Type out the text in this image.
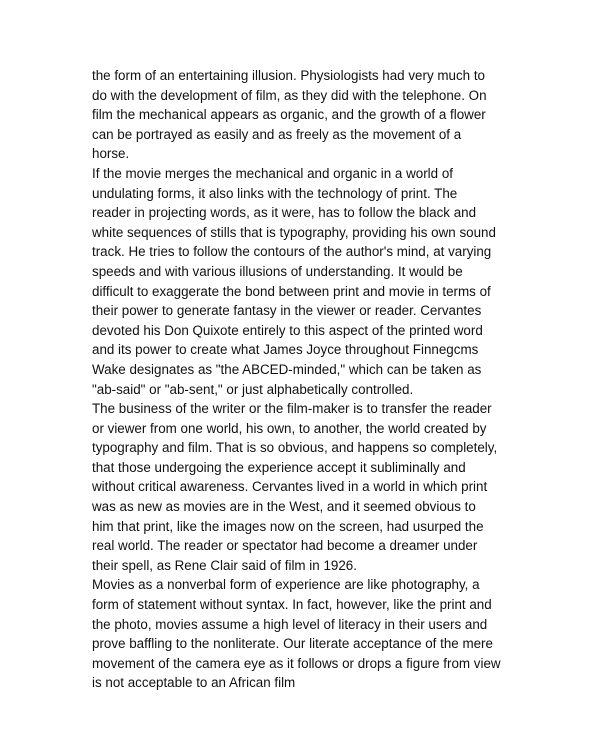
the form of an entertaining illusion. Physiologists had very much to
do with the development of film, as they did with the telephone. On
film the mechanical appears as organic, and the growth of a flower
can be portrayed as easily and as freely as the movement of a
horse.

If the movie merges the mechanical and organic in a world of
undulating forms, it also links with the technology of print. The
reader in projecting words, as it were, has to follow the black and
white sequences of stills that is typography, providing his own sound
track. He tries to follow the contours of the author's mind, at varying
speeds and with various illusions of understanding. It would be
difficult to exaggerate the bond between print and movie in terms of
their power to generate fantasy in the viewer or reader. Cervantes
devoted his Don Quixote entirely to this aspect of the printed word
and its power to create what James Joyce throughout Finnegcms
Wake designates as "the ABCED-minded," which can be taken as
"ab-said" or "ab-sent," or just alphabetically controlled.

The business of the writer or the film-maker is to transfer the reader
or viewer from one world, his own, to another, the world created by
typography and film. That is so obvious, and happens so completely,
that those undergoing the experience accept it subliminally and
without critical awareness. Cervantes lived in a world in which print
was as new as movies are in the West, and it seemed obvious to
him that print, like the images now on the screen, had usurped the
real world. The reader or spectator had become a dreamer under
their spell, as Rene Clair said of film in 1926.

Movies as a nonverbal form of experience are like photography, a
form of statement without syntax. In fact, however, like the print and
the photo, movies assume a high level of literacy in their users and
prove baffling to the nonliterate. Our literate acceptance of the mere
movement of the camera eye as it follows or drops a figure from view
is not acceptable to an African film
